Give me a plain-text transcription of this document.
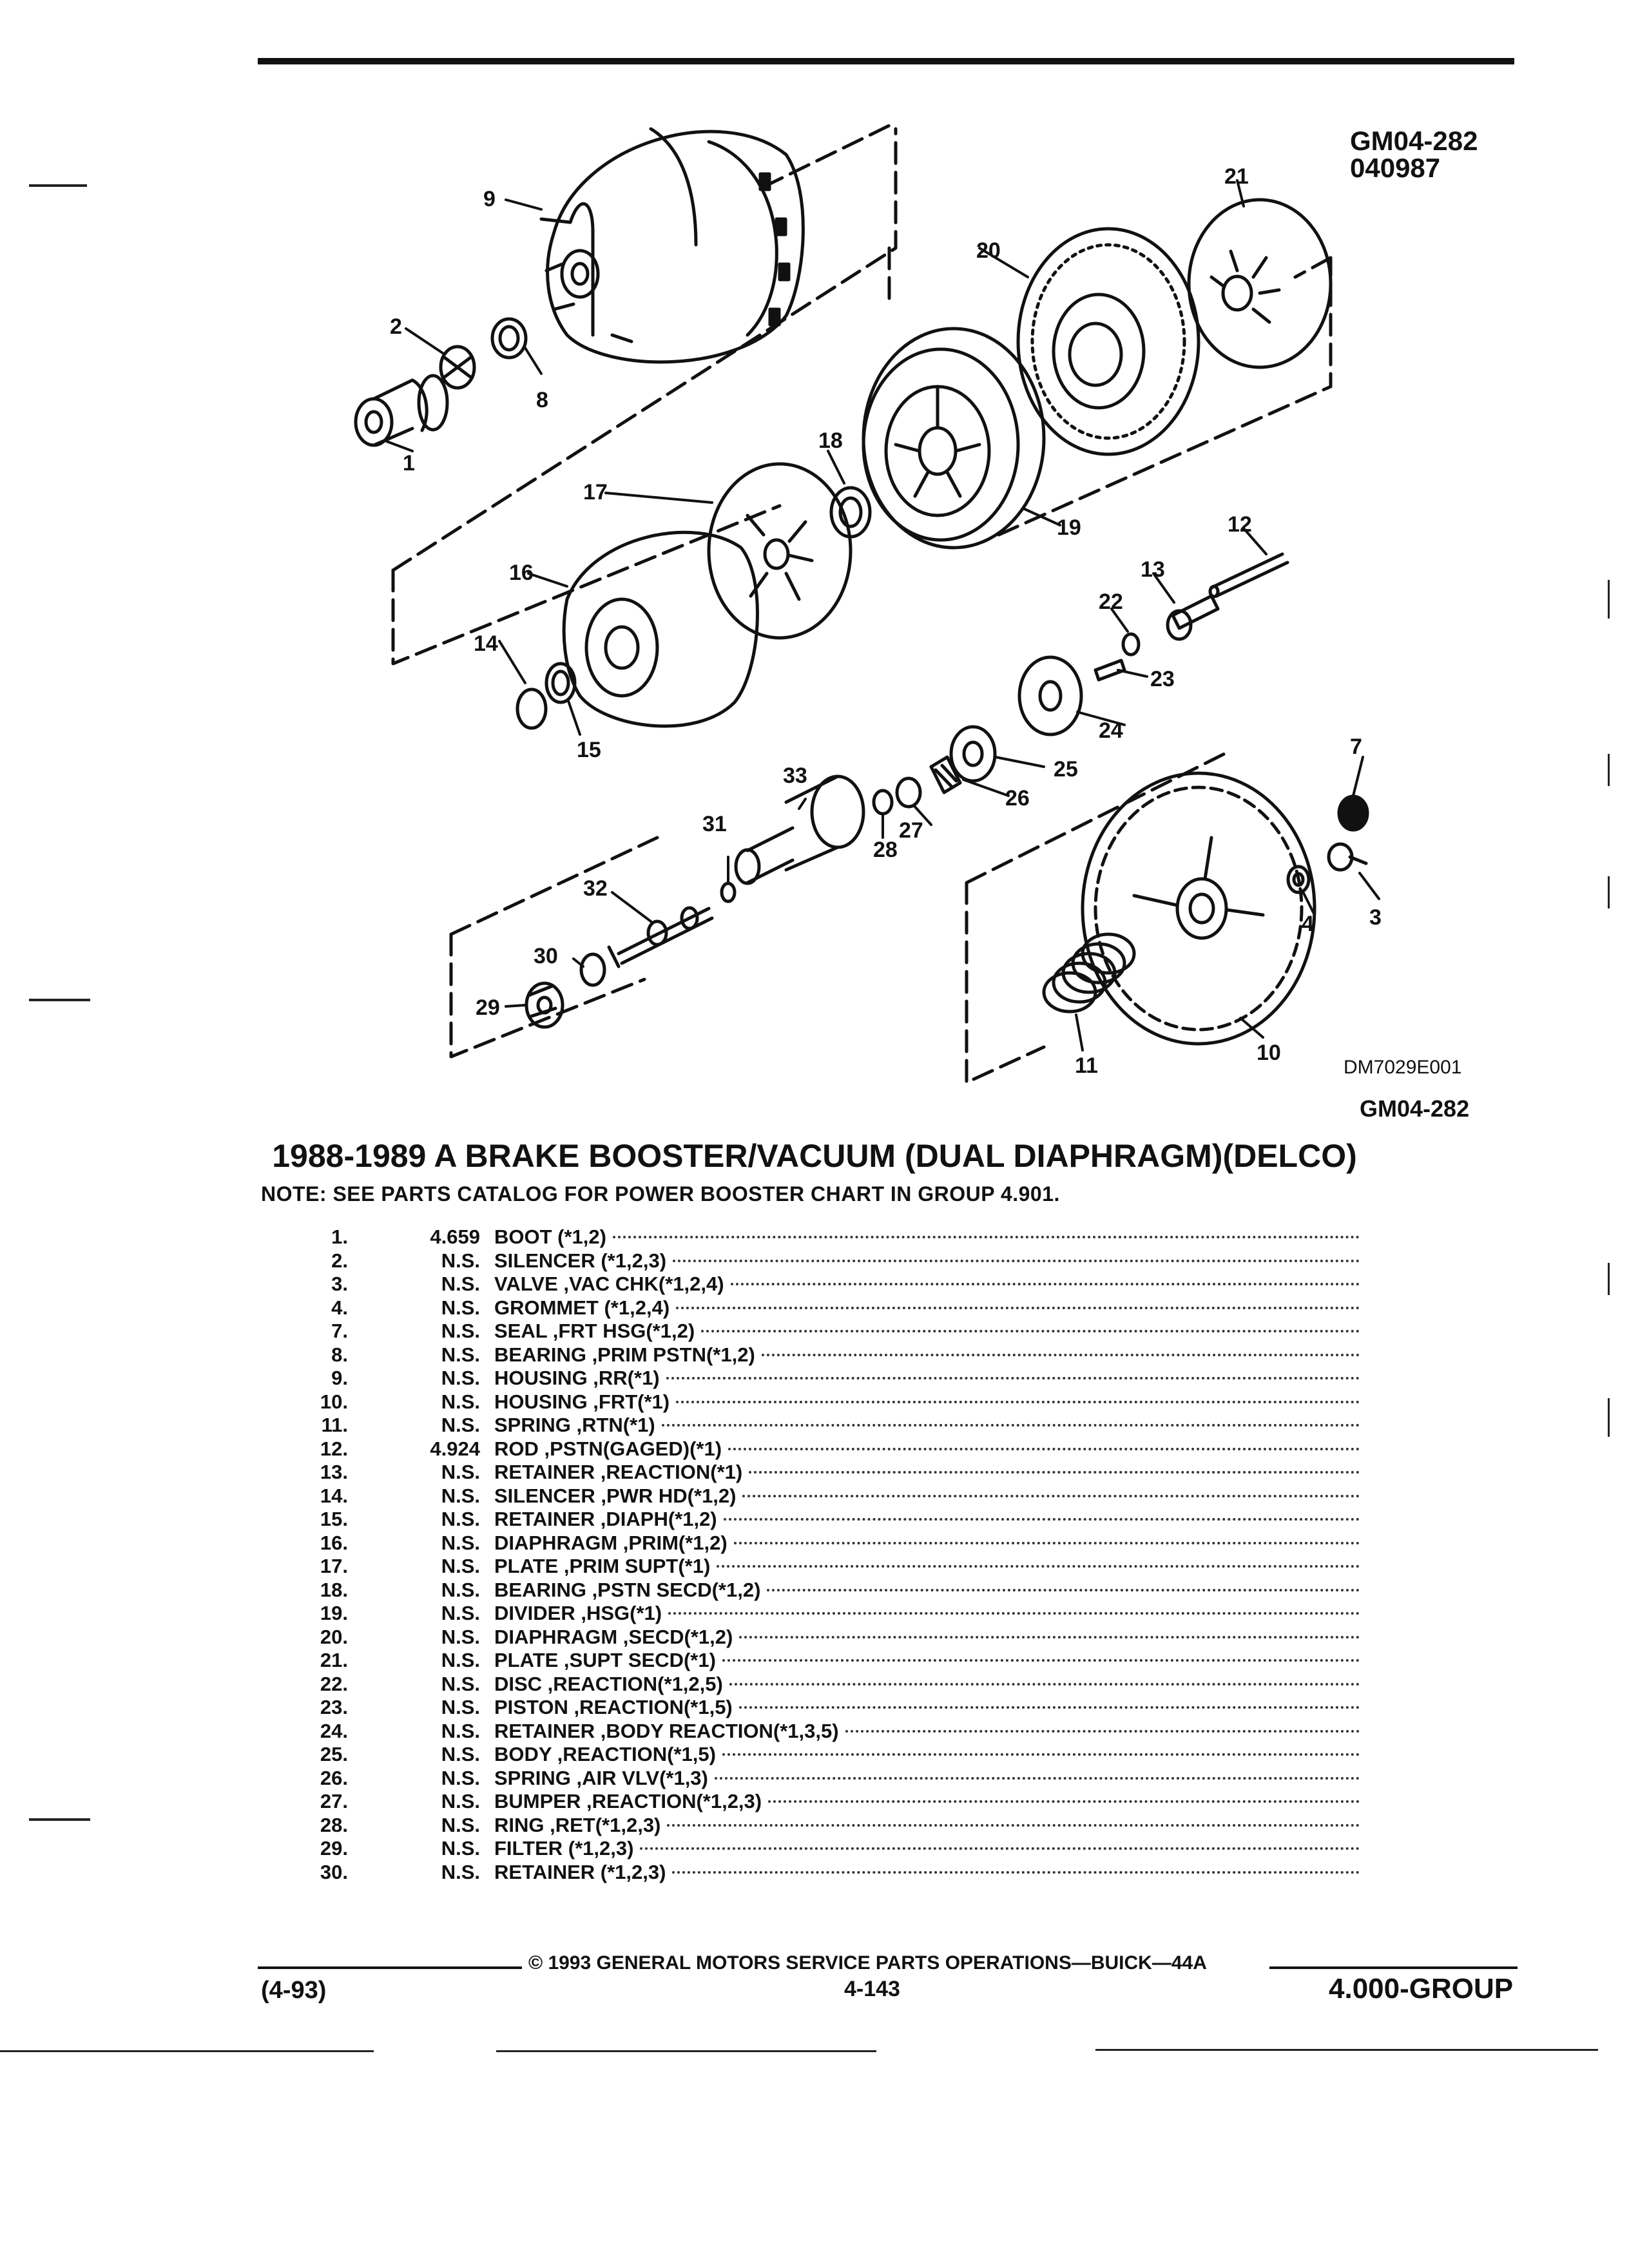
GM04-282
040987
9
2
1
8
21
20
18
19
17
16
14
15
12
13
22
23
24
25
26
27
28
31
33
32
30
29
7
3
4
10
11	DM7029E001
GM04-282
1988-1989 A BRAKE BOOSTER/VACUUM (DUAL DIAPHRAGM)(DELCO)
NOTE: SEE PARTS CATALOG FOR POWER BOOSTER CHART IN GROUP 4.901.
1.	4.659 BOOT (*1,2)
2.	N.S. SILENCER (*1,2,3)
3.	N.S. VALVE ,VAC CHK(*1,2,4)
4.	N.S. GROMMET (*1,2,4)
7.	N.S. SEAL ,FRT HSG(*1,2)
8.	N.S. BEARING ,PRIM PSTN(*1,2)
9.	N.S. HOUSING ,RR(*1)
10.	N.S. HOUSING ,FRT(*1)
11.	N.S. SPRING ,RTN(*1)
12.	4.924 ROD ,PSTN(GAGED)(*1)
13.	N.S. RETAINER ,REACTION(*1)
14.	N.S. SILENCER ,PWR HD(*1,2)
15.	N.S. RETAINER ,DIAPH(*1,2)
16.	N.S. DIAPHRAGM ,PRIM(*1,2)
17.	N.S. PLATE ,PRIM SUPT(*1)
18.	N.S. BEARING ,PSTN SECD(*1,2)
19.	N.S. DIVIDER ,HSG(*1)
20.	N.S. DIAPHRAGM ,SECD(*1,2)
21.	N.S. PLATE ,SUPT SECD(*1)
22.	N.S. DISC ,REACTION(*1,2,5)
23.	N.S. PISTON ,REACTION(*1,5)
24.	N.S. RETAINER ,BODY REACTION(*1,3,5)
25.	N.S. BODY ,REACTION(*1,5)
26.	N.S. SPRING ,AIR VLV(*1,3)
27.	N.S. BUMPER ,REACTION(*1,2,3)
28.	N.S. RING ,RET(*1,2,3)
29.	N.S. FILTER (*1,2,3)
30.	N.S. RETAINER (*1,2,3)
© 1993 GENERAL MOTORS SERVICE PARTS OPERATIONS—BUICK—44A
(4-93)	4-143	4.000-GROUP
